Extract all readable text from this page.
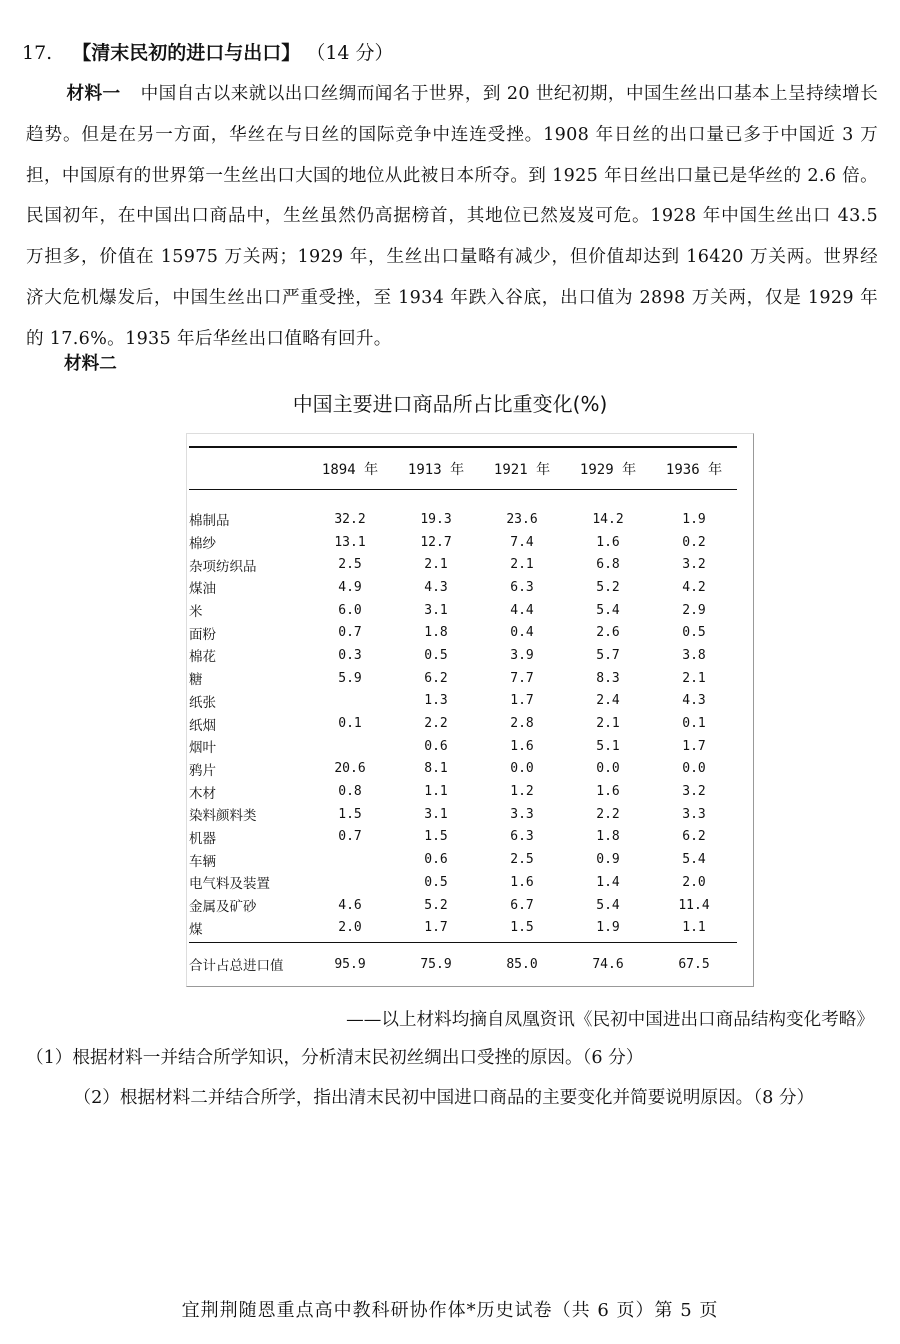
17. 【清末民初的进口与出口】 （14 分）
材料一 中国自古以来就以出口丝绸而闻名于世界，到 20 世纪初期，中国生丝出口基本上呈持续增长趋势。但是在另一方面，华丝在与日丝的国际竞争中连连受挫。1908 年日丝的出口量已多于中国近 3 万担，中国原有的世界第一生丝出口大国的地位从此被日本所夺。到 1925 年日丝出口量已是华丝的 2.6 倍。民国初年，在中国出口商品中，生丝虽然仍高据榜首，其地位已然岌岌可危。1928 年中国生丝出口 43.5 万担多，价值在 15975 万关两；1929 年，生丝出口量略有减少，但价值却达到 16420 万关两。世界经济大危机爆发后，中国生丝出口严重受挫，至 1934 年跌入谷底，出口值为 2898 万关两，仅是 1929 年的 17.6%。1935 年后华丝出口值略有回升。
材料二
中国主要进口商品所占比重变化(%)
	1894 年	1913 年	1921 年	1929 年	1936 年

棉制品	32.2	19.3	23.6	14.2	1.9
棉纱	13.1	12.7	7.4	1.6	0.2
杂项纺织品	2.5	2.1	2.1	6.8	3.2
煤油	4.9	4.3	6.3	5.2	4.2
米	6.0	3.1	4.4	5.4	2.9
面粉	0.7	1.8	0.4	2.6	0.5
棉花	0.3	0.5	3.9	5.7	3.8
糖	5.9	6.2	7.7	8.3	2.1
纸张		1.3	1.7	2.4	4.3
纸烟	0.1	2.2	2.8	2.1	0.1
烟叶		0.6	1.6	5.1	1.7
鸦片	20.6	8.1	0.0	0.0	0.0
木材	0.8	1.1	1.2	1.6	3.2
染料颜料类	1.5	3.1	3.3	2.2	3.3
机器	0.7	1.5	6.3	1.8	6.2
车辆		0.6	2.5	0.9	5.4
电气料及装置		0.5	1.6	1.4	2.0
金属及矿砂	4.6	5.2	6.7	5.4	11.4
煤	2.0	1.7	1.5	1.9	1.1

合计占总进口值	95.9	75.9	85.0	74.6	67.5
——以上材料均摘自凤凰资讯《民初中国进出口商品结构变化考略》
（1）根据材料一并结合所学知识，分析清末民初丝绸出口受挫的原因。（6 分）
（2）根据材料二并结合所学，指出清末民初中国进口商品的主要变化并简要说明原因。（8 分）
宜荆荆随恩重点高中教科研协作体*历史试卷（共 6 页）第 5 页
